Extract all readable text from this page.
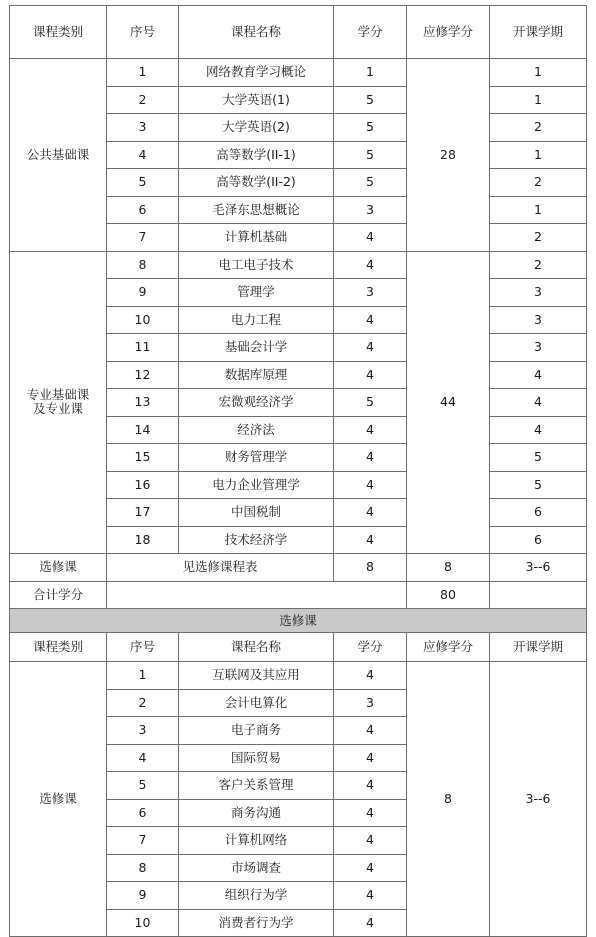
课程类别	序号	课程名称	学分	应修学分	开课学期
公共基础课	1	网络教育学习概论	1	28	1
	2	大学英语(1)	5		1
	3	大学英语(2)	5		2
	4	高等数学(II-1)	5		1
	5	高等数学(II-2)	5		2
	6	毛泽东思想概论	3		1
	7	计算机基础	4		2

专业基础课
及专业课	8	电工电子技术	4	44	2
	9	管理学	3		3
	10	电力工程	4		3
	11	基础会计学	4		3
	12	数据库原理	4		4
	13	宏微观经济学	5		4
	14	经济法	4		4
	15	财务管理学	4		5
	16	电力企业管理学	4		5
	17	中国税制	4		6
	18	技术经济学	4		6
选修课	见选修课程表		8	8	3--6
合计学分				80	
选修课					
课程类别	序号	课程名称	学分	应修学分	开课学期
选修课	1	互联网及其应用	4	8	3--6
	2	会计电算化	3		
	3	电子商务	4		
	4	国际贸易	4		
	5	客户关系管理	4		
	6	商务沟通	4		
	7	计算机网络	4		
	8	市场调查	4		
	9	组织行为学	4		
	10	消费者行为学	4		
